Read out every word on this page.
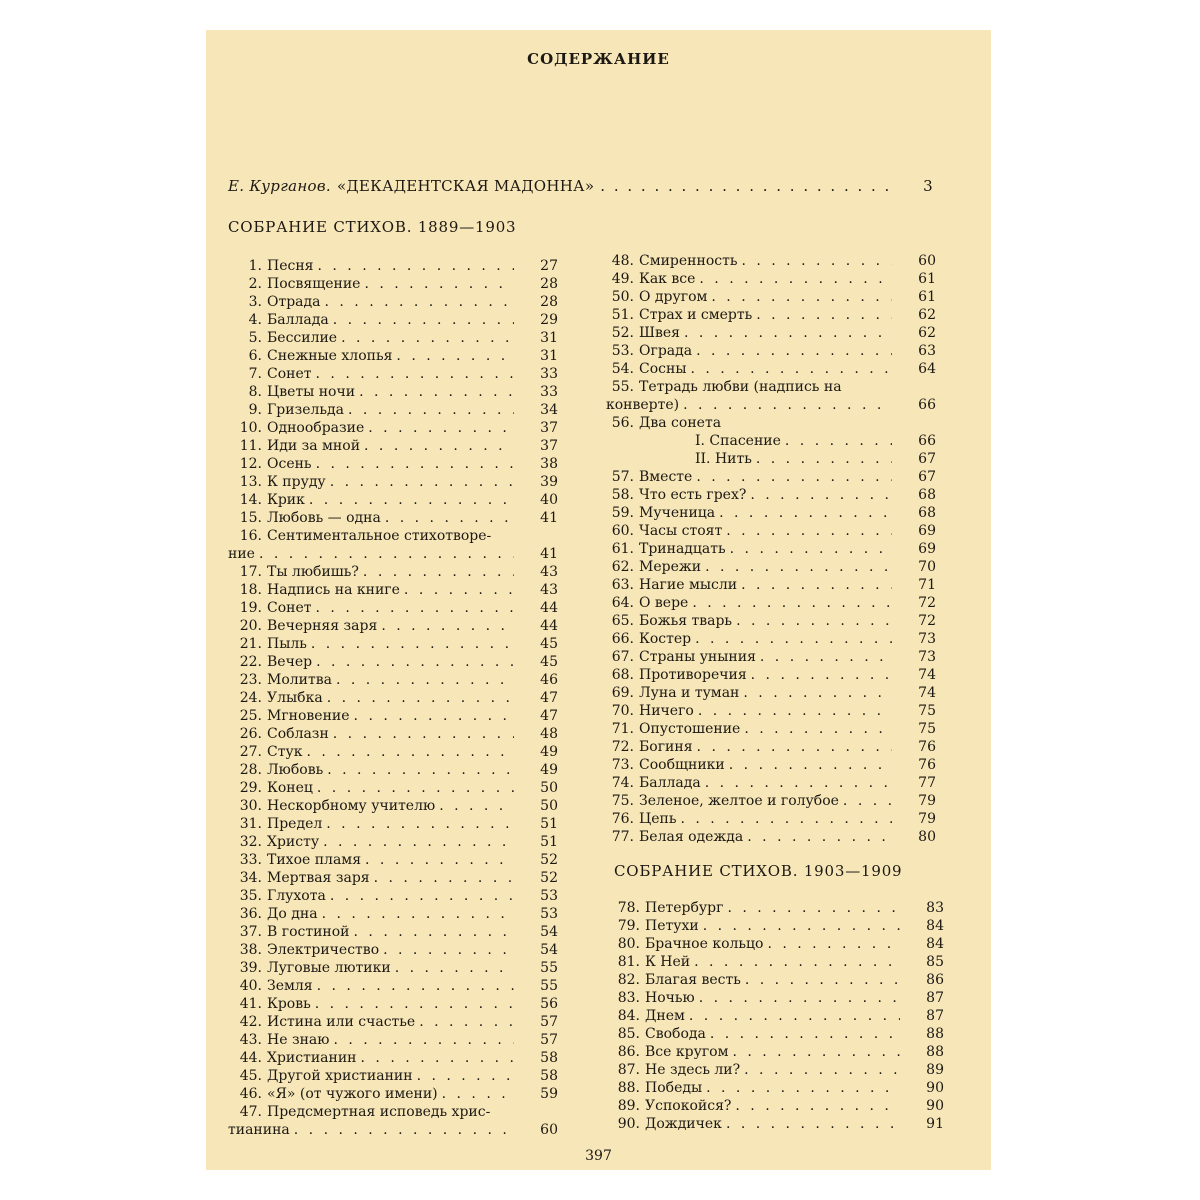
СОДЕРЖАНИЕ
Е. Курганов. «ДЕКАДЕНТСКАЯ МАДОННА» . . .	3
СОБРАНИЕ СТИХОВ. 1889—1903
1. Песня . . .	27
2. Посвящение . . .	28
3. Отрада . . .	28
4. Баллада . . .	29
5. Бессилие . . .	31
6. Снежные хлопья . . .	31
7. Сонет . . .	33
8. Цветы ночи . . .	33
9. Гризельда . . .	34
10. Однообразие . . .	37
11. Иди за мной . . .	37
12. Осень . . .	38
13. К пруду . . .	39
14. Крик . . .	40
15. Любовь — одна . . .	41
16. Сентиментальное стихотворе-
ние . . .	41
17. Ты любишь? . . .	43
18. Надпись на книге . . .	43
19. Сонет . . .	44
20. Вечерняя заря . . .	44
21. Пыль . . .	45
22. Вечер . . .	45
23. Молитва . . .	46
24. Улыбка . . .	47
25. Мгновение . . .	47
26. Соблазн . . .	48
27. Стук . . .	49
28. Любовь . . .	49
29. Конец . . .	50
30. Нескорбному учителю . . .	50
31. Предел . . .	51
32. Христу . . .	51
33. Тихое пламя . . .	52
34. Мертвая заря . . .	52
35. Глухота . . .	53
36. До дна . . .	53
37. В гостиной . . .	54
38. Электричество . . .	54
39. Луговые лютики . . .	55
40. Земля . . .	55
41. Кровь . . .	56
42. Истина или счастье . . .	57
43. Не знаю . . .	57
44. Христианин . . .	58
45. Другой христианин . . .	58
46. «Я» (от чужого имени) . . .	59
47. Предсмертная исповедь хрис-
тианина . . .	60
48. Смиренность . . .	60
49. Как все . . .	61
50. О другом . . .	61
51. Страх и смерть . . .	62
52. Швея . . .	62
53. Ограда . . .	63
54. Сосны . . .	64
55. Тетрадь любви (надпись на
конверте) . . .	66
56. Два сонета
I. Спасение . . .	66
II. Нить . . .	67
57. Вместе . . .	67
58. Что есть грех? . . .	68
59. Мученица . . .	68
60. Часы стоят . . .	69
61. Тринадцать . . .	69
62. Мережи . . .	70
63. Нагие мысли . . .	71
64. О вере . . .	72
65. Божья тварь . . .	72
66. Костер . . .	73
67. Страны уныния . . .	73
68. Противоречия . . .	74
69. Луна и туман . . .	74
70. Ничего . . .	75
71. Опустошение . . .	75
72. Богиня . . .	76
73. Сообщники . . .	76
74. Баллада . . .	77
75. Зеленое, желтое и голубое . . .	79
76. Цепь . . .	79
77. Белая одежда . . .	80
СОБРАНИЕ СТИХОВ. 1903—1909
78. Петербург . . .	83
79. Петухи . . .	84
80. Брачное кольцо . . .	84
81. К Ней . . .	85
82. Благая весть . . .	86
83. Ночью . . .	87
84. Днем . . .	87
85. Свобода . . .	88
86. Все кругом . . .	88
87. Не здесь ли? . . .	89
88. Победы . . .	90
89. Успокойся? . . .	90
90. Дождичек . . .	91
397
